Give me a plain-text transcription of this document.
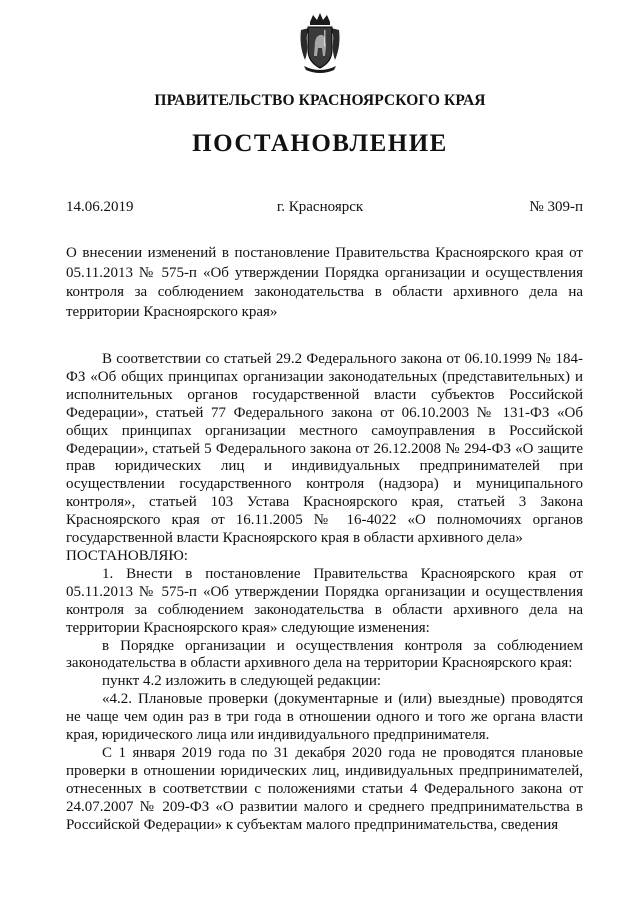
ПРАВИТЕЛЬСТВО КРАСНОЯРСКОГО КРАЯ
ПОСТАНОВЛЕНИЕ
14.06.2019	г. Красноярск	№ 309-п
О внесении изменений в постановление Правительства Красноярского края от 05.11.2013 № 575-п «Об утверждении Порядка организации и осуществления контроля за соблюдением законодательства в области архивного дела на территории Красноярского края»

В соответствии со статьей 29.2 Федерального закона от 06.10.1999 № 184-ФЗ «Об общих принципах организации законодательных (представительных) и исполнительных органов государственной власти субъектов Российской Федерации», статьей 77 Федерального закона от 06.10.2003 № 131-ФЗ «Об общих принципах организации местного самоуправления в Российской Федерации», статьей 5 Федерального закона от 26.12.2008 № 294-ФЗ «О защите прав юридических лиц и индивидуальных предпринимателей при осуществлении государственного контроля (надзора) и муниципального контроля», статьей 103 Устава Красноярского края, статьей 3 Закона Красноярского края от 16.11.2005 № 16-4022 «О полномочиях органов государственной власти Красноярского края в области архивного дела»

ПОСТАНОВЛЯЮ:

1. Внести в постановление Правительства Красноярского края от 05.11.2013 № 575-п «Об утверждении Порядка организации и осуществления контроля за соблюдением законодательства в области архивного дела на территории Красноярского края» следующие изменения:

в Порядке организации и осуществления контроля за соблюдением законодательства в области архивного дела на территории Красноярского края:

пункт 4.2 изложить в следующей редакции:

«4.2. Плановые проверки (документарные и (или) выездные) проводятся не чаще чем один раз в три года в отношении одного и того же органа власти края, юридического лица или индивидуального предпринимателя.

С 1 января 2019 года по 31 декабря 2020 года не проводятся плановые проверки в отношении юридических лиц, индивидуальных предпринимателей, отнесенных в соответствии с положениями статьи 4 Федерального закона от 24.07.2007 № 209-ФЗ «О развитии малого и среднего предпринимательства в Российской Федерации» к субъектам малого предпринимательства, сведения
